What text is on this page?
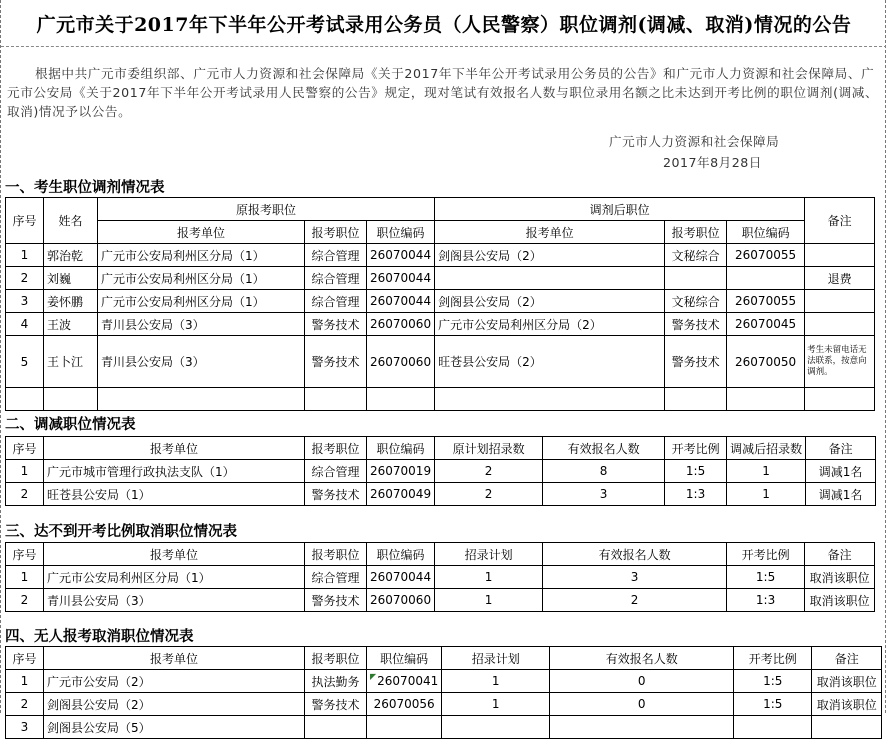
广元市关于2017年下半年公开考试录用公务员（人民警察）职位调剂(调减、取消)情况的公告
根据中共广元市委组织部、广元市人力资源和社会保障局《关于2017年下半年公开考试录用公务员的公告》和广元市人力资源和社会保障局、广元市公安局《关于2017年下半年公开考试录用人民警察的公告》规定，现对笔试有效报名人数与职位录用名额之比未达到开考比例的职位调剂(调减、取消)情况予以公告。
广元市人力资源和社会保障局
2017年8月28日
一、考生职位调剂情况表
序号	姓名	原报考职位			调剂后职位			备注
		报考单位	报考职位	职位编码	报考单位	报考职位	职位编码	
1	郭治乾	广元市公安局利州区分局（1）	综合管理	26070044	剑阁县公安局（2）	文秘综合	26070055	
2	刘巍	广元市公安局利州区分局（1）	综合管理	26070044				退费
3	姜怀鹏	广元市公安局利州区分局（1）	综合管理	26070044	剑阁县公安局（2）	文秘综合	26070055	
4	王波	青川县公安局（3）	警务技术	26070060	广元市公安局利州区分局（2）	警务技术	26070045	
5	王卜江	青川县公安局（3）	警务技术	26070060	旺苍县公安局（2）	警务技术	26070050	考生未留电话无法联系，按意向调剂。

二、调减职位情况表
序号	报考单位	报考职位	职位编码	原计划招录数	有效报名人数	开考比例	调减后招录数	备注
1	广元市城市管理行政执法支队（1）	综合管理	26070019	2	8	1:5	1	调减1名
2	旺苍县公安局（1）	警务技术	26070049	2	3	1:3	1	调减1名
三、达不到开考比例取消职位情况表
序号	报考单位	报考职位	职位编码	招录计划	有效报名人数	开考比例	备注
1	广元市公安局利州区分局（1）	综合管理	26070044	1	3	1:5	取消该职位
2	青川县公安局（3）	警务技术	26070060	1	2	1:3	取消该职位
四、无人报考取消职位情况表
序号	报考单位	报考职位	职位编码	招录计划	有效报名人数	开考比例	备注
1	广元市公安局（2）	执法勤务	◤26070041	1	0	1:5	取消该职位
2	剑阁县公安局（2）	警务技术	26070056	1	0	1:5	取消该职位
3	剑阁县公安局（5）						
